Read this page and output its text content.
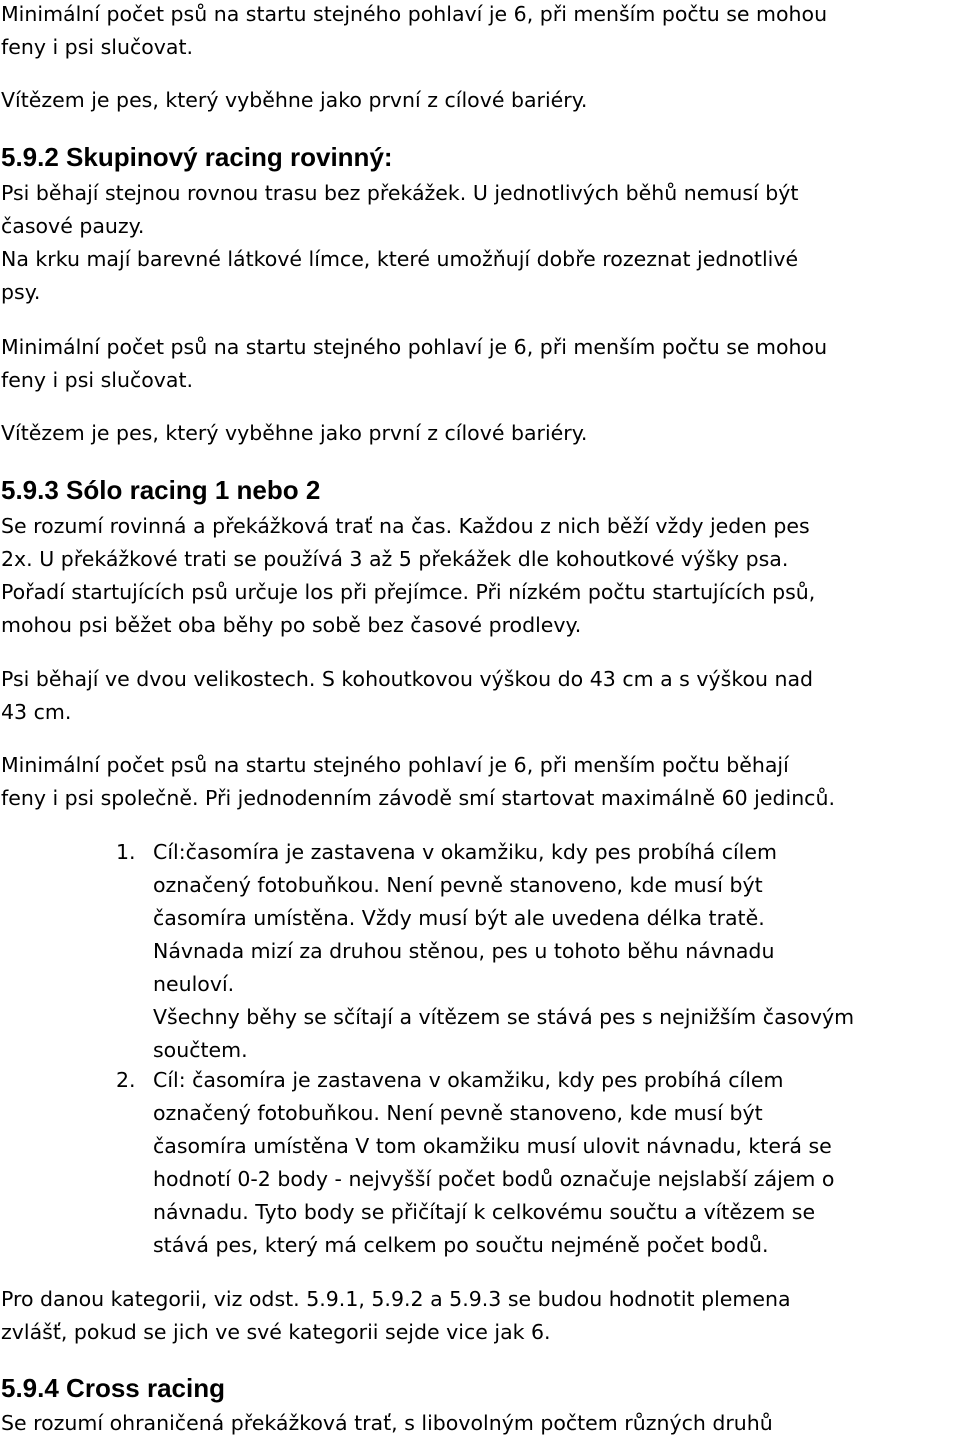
Minimální počet psů na startu stejného pohlaví je 6, při menším počtu se mohou
feny i psi slučovat.
Vítězem je pes, který vyběhne jako první z cílové bariéry.
5.9.2 Skupinový racing rovinný:
Psi běhají stejnou rovnou trasu bez překážek. U jednotlivých běhů nemusí být
časové pauzy.
Na krku mají barevné látkové límce, které umožňují dobře rozeznat jednotlivé
psy.
Minimální počet psů na startu stejného pohlaví je 6, při menším počtu se mohou
feny i psi slučovat.
Vítězem je pes, který vyběhne jako první z cílové bariéry.
5.9.3 Sólo racing 1 nebo 2
Se rozumí rovinná a překážková trať na čas. Každou z nich běží vždy jeden pes
2x. U překážkové trati se používá 3 až 5 překážek dle kohoutkové výšky psa.
Pořadí startujících psů určuje los při přejímce. Při nízkém počtu startujících psů,
mohou psi běžet oba běhy po sobě bez časové prodlevy.
Psi běhají ve dvou velikostech. S kohoutkovou výškou do 43 cm a s výškou nad
43 cm.
Minimální počet psů na startu stejného pohlaví je 6, při menším počtu běhají
feny i psi společně. Při jednodenním závodě smí startovat maximálně 60 jedinců.
1. Cíl:časomíra je zastavena v okamžiku, kdy pes probíhá cílem
označený fotobuňkou. Není pevně stanoveno, kde musí být
časomíra umístěna. Vždy musí být ale uvedena délka tratě.
Návnada mizí za druhou stěnou, pes u tohoto běhu návnadu
neuloví.
Všechny běhy se sčítají a vítězem se stává pes s nejnižším časovým
součtem.
2. Cíl: časomíra je zastavena v okamžiku, kdy pes probíhá cílem
označený fotobuňkou. Není pevně stanoveno, kde musí být
časomíra umístěna V tom okamžiku musí ulovit návnadu, která se
hodnotí 0-2 body - nejvyšší počet bodů označuje nejslabší zájem o
návnadu. Tyto body se přičítají k celkovému součtu a vítězem se
stává pes, který má celkem po součtu nejméně počet bodů.
Pro danou kategorii, viz odst. 5.9.1, 5.9.2 a 5.9.3 se budou hodnotit plemena
zvlášť, pokud se jich ve své kategorii sejde vice jak 6.
5.9.4 Cross racing
Se rozumí ohraničená překážková trať, s libovolným počtem různých druhů
